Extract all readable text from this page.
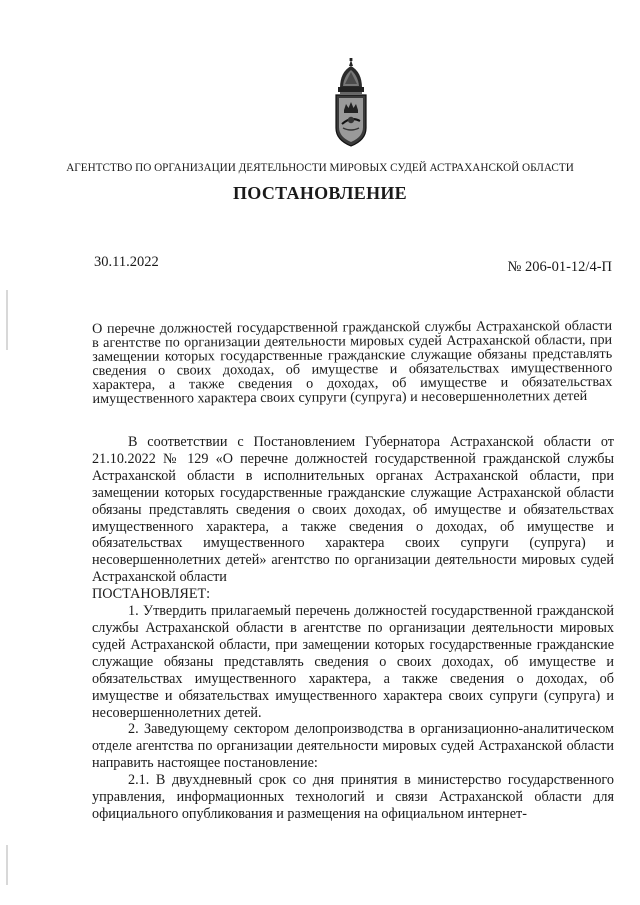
АГЕНТСТВО ПО ОРГАНИЗАЦИИ ДЕЯТЕЛЬНОСТИ МИРОВЫХ СУДЕЙ АСТРАХАНСКОЙ ОБЛАСТИ
ПОСТАНОВЛЕНИЕ
30.11.2022	№ 206-01-12/4-П
О перечне должностей государственной гражданской службы Астраханской области в агентстве по организации деятельности мировых судей Астраханской области, при замещении которых государственные гражданские служащие обязаны представлять сведения о своих доходах, об имуществе и обязательствах имущественного характера, а также сведения о доходах, об имуществе и обязательствах имущественного характера своих супруги (супруга) и несовершеннолетних детей

В соответствии с Постановлением Губернатора Астраханской области от 21.10.2022 № 129 «О перечне должностей государственной гражданской службы Астраханской области в исполнительных органах Астраханской области, при замещении которых государственные гражданские служащие Астраханской области обязаны представлять сведения о своих доходах, об имуществе и обязательствах имущественного характера, а также сведения о доходах, об имуществе и обязательствах имущественного характера своих супруги (супруга) и несовершеннолетних детей» агентство по организации деятельности мировых судей Астраханской области

ПОСТАНОВЛЯЕТ:

1. Утвердить прилагаемый перечень должностей государственной гражданской службы Астраханской области в агентстве по организации деятельности мировых судей Астраханской области, при замещении которых государственные гражданские служащие обязаны представлять сведения о своих доходах, об имуществе и обязательствах имущественного характера, а также сведения о доходах, об имуществе и обязательствах имущественного характера своих супруги (супруга) и несовершеннолетних детей.

2. Заведующему сектором делопроизводства в организационно-аналитическом отделе агентства по организации деятельности мировых судей Астраханской области направить настоящее постановление:

2.1. В двухдневный срок со дня принятия в министерство государственного управления, информационных технологий и связи Астраханской области для официального опубликования и размещения на официальном интернет-
